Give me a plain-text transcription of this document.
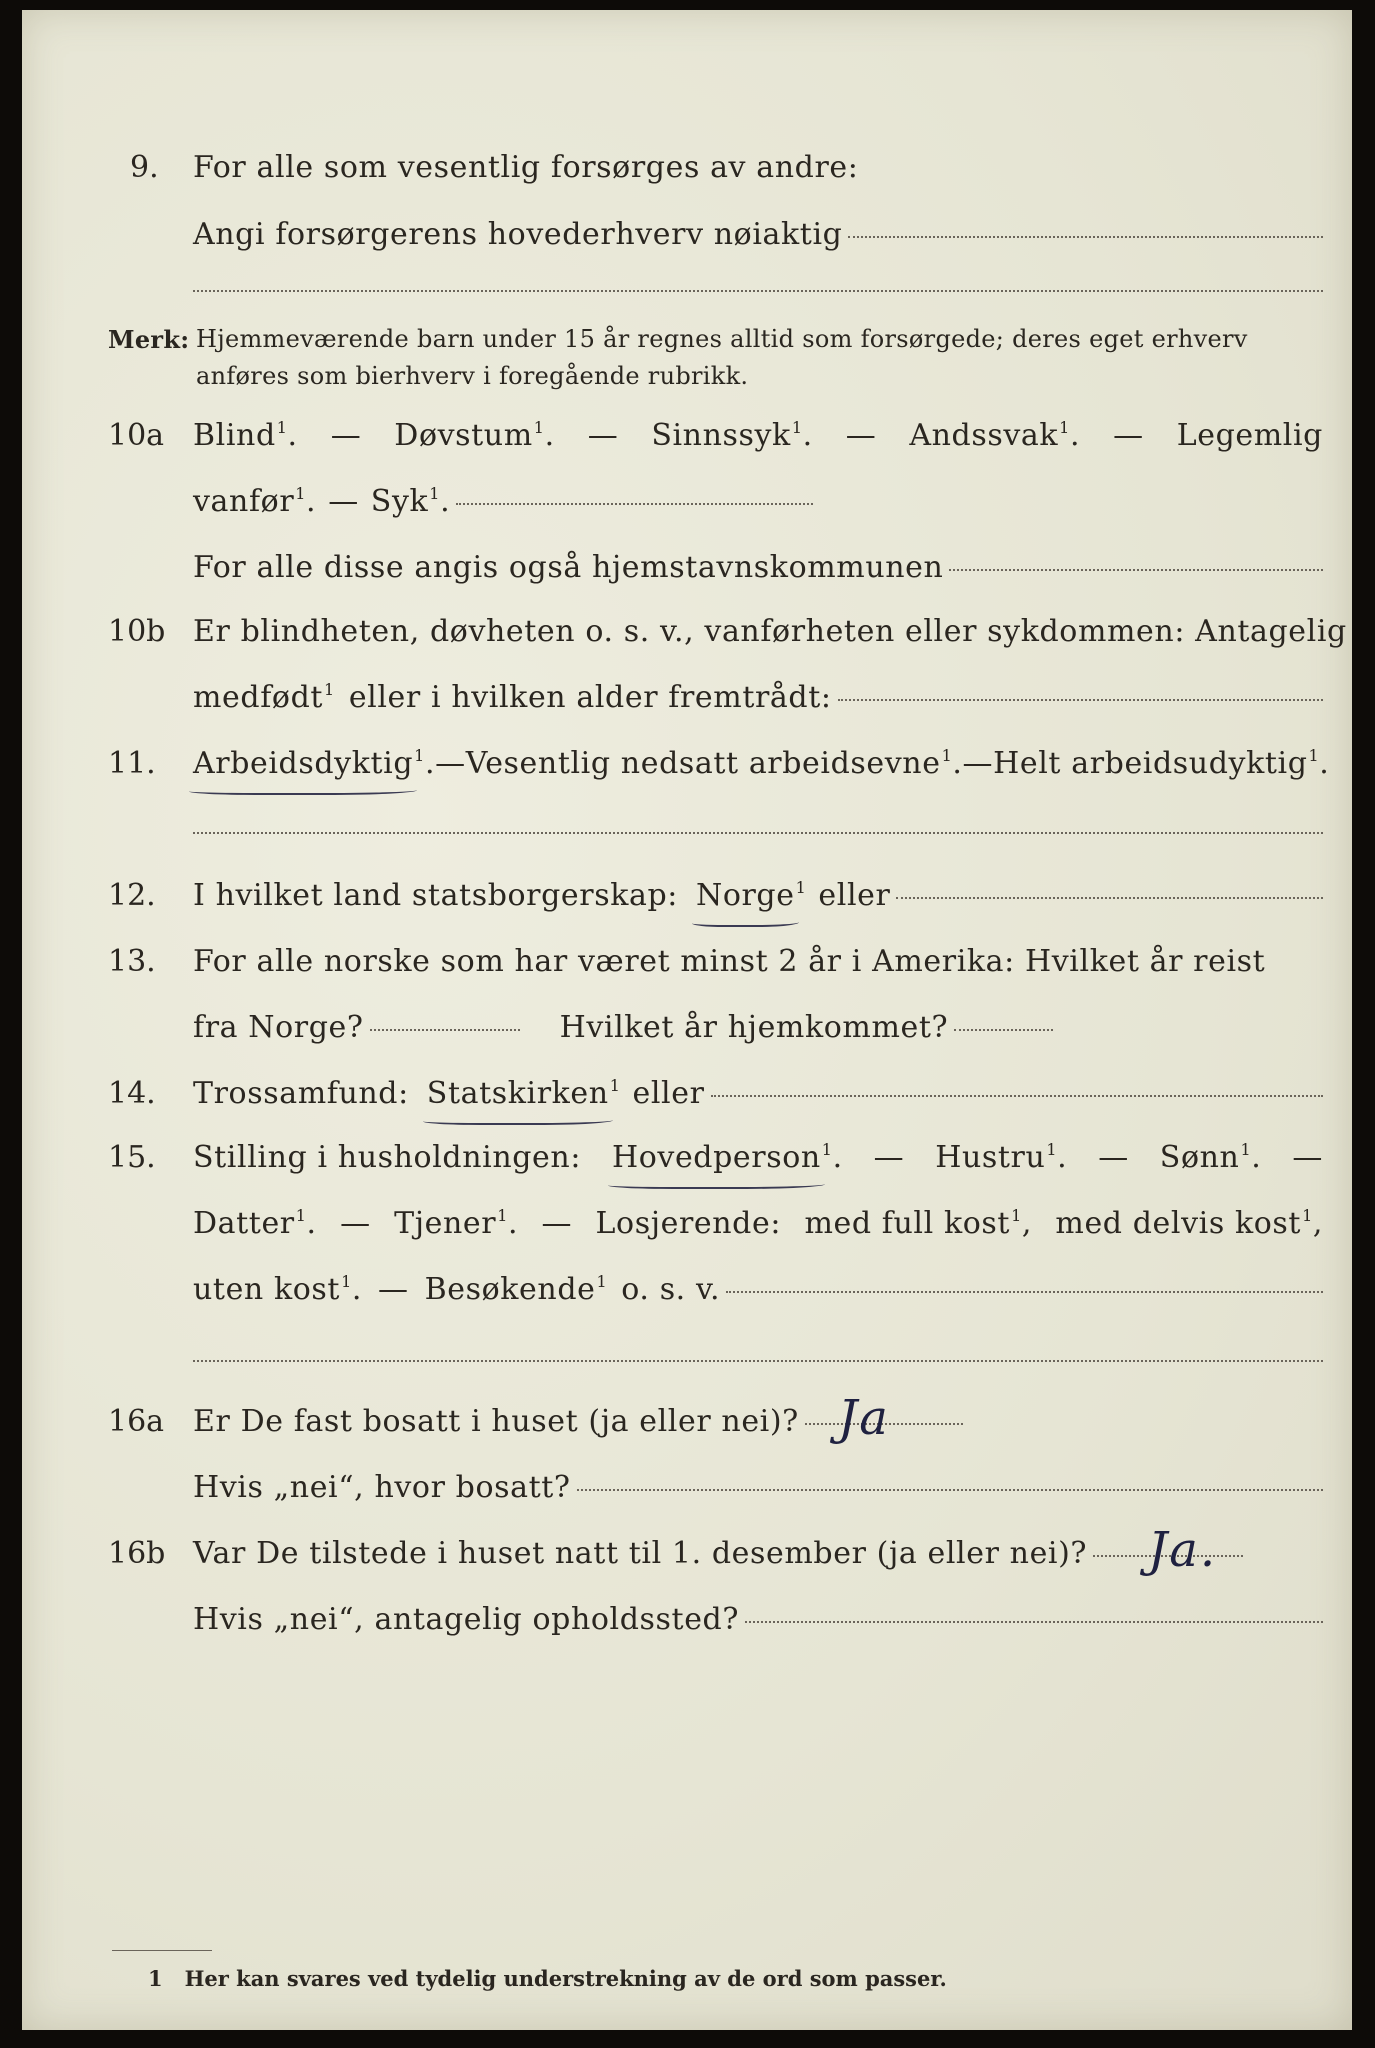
9. For alle som vesentlig forsørges av andre:
Angi forsørgerens hovederhverv nøiaktig
Merk: Hjemmeværende barn under 15 år regnes alltid som forsørgede; deres eget erhverv
anføres som bierhverv i foregående rubrikk.
10a Blind$^1$. — Døvstum$^1$. — Sinnssyk$^1$. — Andssvak$^1$. — Legemlig
vanfør$^1$. — Syk$^1$.
For alle disse angis også hjemstavnskommunen
10b Er blindheten, døvheten o. s. v., vanførheten eller sykdommen: Antagelig
medfødt$^1$ eller i hvilken alder fremtrådt:
11. Arbeidsdyktig$^1$. — Vesentlig nedsatt arbeidsevne$^1$. — Helt arbeidsudyktig$^1$.
12. I hvilket land statsborgerskap: Norge$^1$ eller
13. For alle norske som har været minst 2 år i Amerika: Hvilket år reist
fra Norge?	Hvilket år hjemkommet?
14. Trossamfund: Statskirken$^1$ eller
15. Stilling i husholdningen: Hovedperson$^1$. — Hustru$^1$. — Sønn$^1$. —
Datter$^1$. — Tjener$^1$. — Losjerende: med full kost$^1$, med delvis kost$^1$,
uten kost$^1$. — Besøkende$^1$ o. s. v.
16a Er De fast bosatt i huset (ja eller nei)? Ja
Hvis „nei“, hvor bosatt?
16b Var De tilstede i huset natt til 1. desember (ja eller nei)? Ja.
Hvis „nei“, antagelig opholdssted?
1 Her kan svares ved tydelig understrekning av de ord som passer.
